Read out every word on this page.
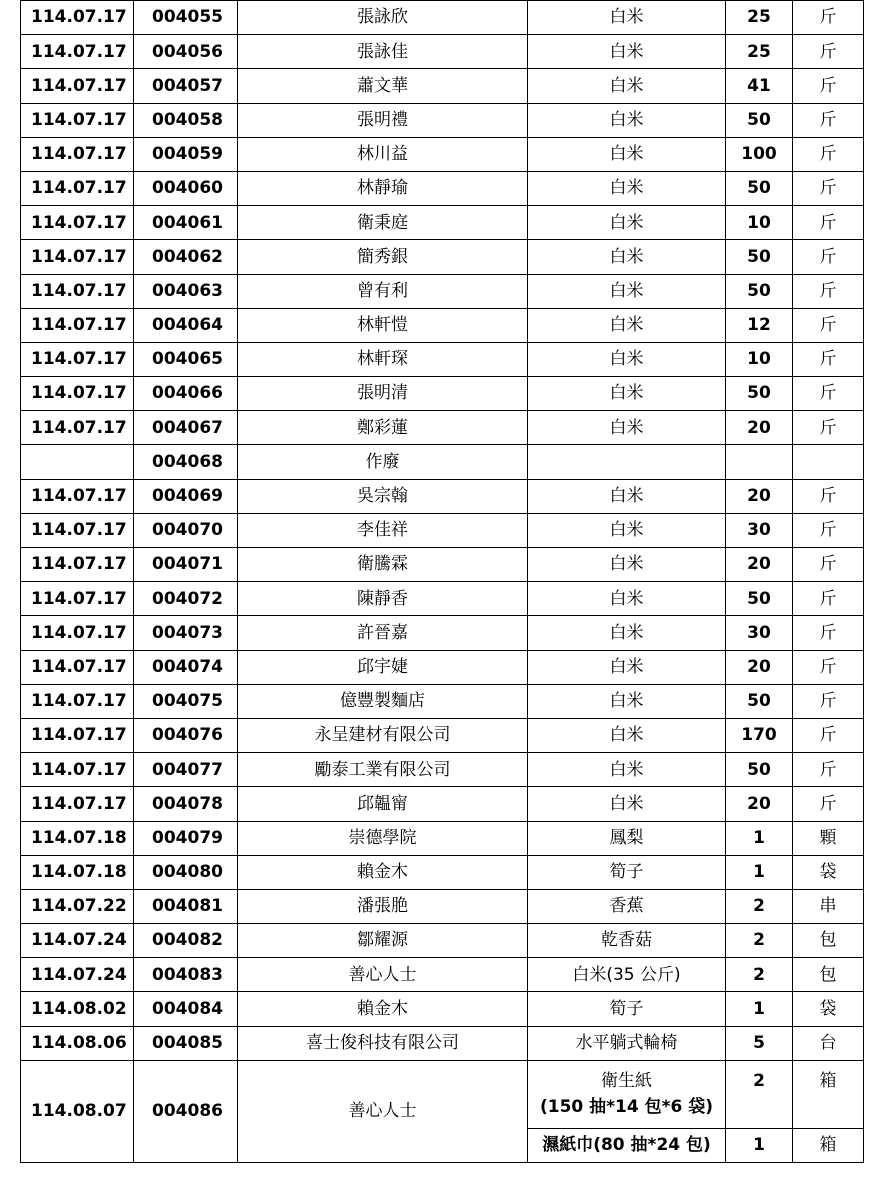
114.07.17	004055	張詠欣	白米	25	斤
114.07.17	004056	張詠佳	白米	25	斤
114.07.17	004057	蕭文華	白米	41	斤
114.07.17	004058	張明禮	白米	50	斤
114.07.17	004059	林川益	白米	100	斤
114.07.17	004060	林靜瑜	白米	50	斤
114.07.17	004061	衛秉庭	白米	10	斤
114.07.17	004062	簡秀銀	白米	50	斤
114.07.17	004063	曾有利	白米	50	斤
114.07.17	004064	林軒愷	白米	12	斤
114.07.17	004065	林軒琛	白米	10	斤
114.07.17	004066	張明清	白米	50	斤
114.07.17	004067	鄭彩蓮	白米	20	斤
	004068	作廢			
114.07.17	004069	吳宗翰	白米	20	斤
114.07.17	004070	李佳祥	白米	30	斤
114.07.17	004071	衛騰霖	白米	20	斤
114.07.17	004072	陳靜香	白米	50	斤
114.07.17	004073	許晉嘉	白米	30	斤
114.07.17	004074	邱宇婕	白米	20	斤
114.07.17	004075	億豐製麵店	白米	50	斤
114.07.17	004076	永呈建材有限公司	白米	170	斤
114.07.17	004077	勵泰工業有限公司	白米	50	斤
114.07.17	004078	邱韞甯	白米	20	斤
114.07.18	004079	崇德學院	鳳梨	1	顆
114.07.18	004080	賴金木	筍子	1	袋
114.07.22	004081	潘張脃	香蕉	2	串
114.07.24	004082	鄒耀源	乾香菇	2	包
114.07.24	004083	善心人士	白米(35 公斤)	2	包
114.08.02	004084	賴金木	筍子	1	袋
114.08.06	004085	喜士俊科技有限公司	水平躺式輪椅	5	台
114.08.07	004086	善心人士	衛生紙
(150 抽*14 包*6 袋)	2	箱
			濕紙巾(80 抽*24 包)	1	箱
